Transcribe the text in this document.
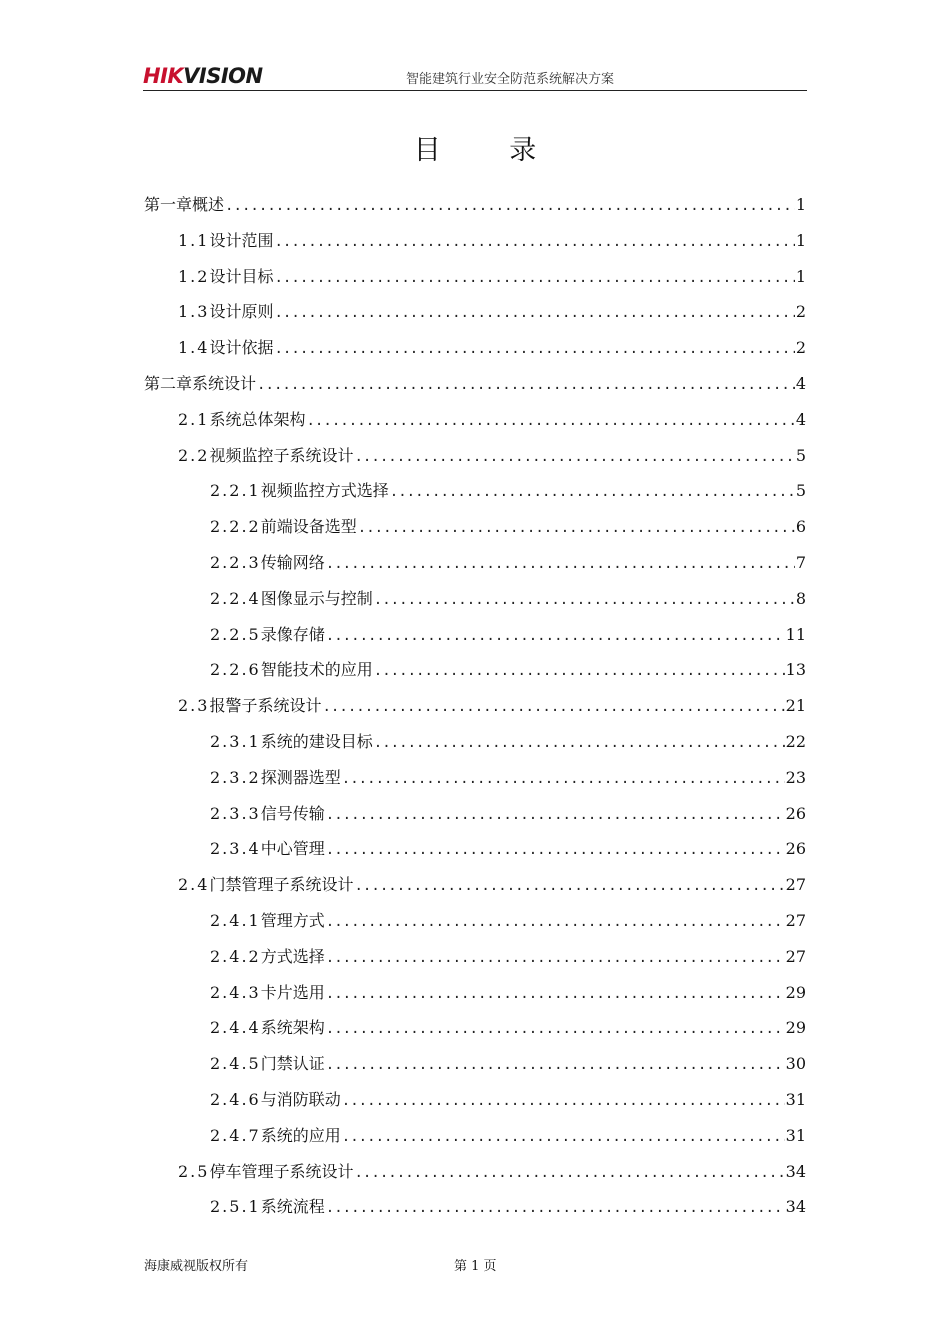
HIKVISION	智能建筑行业安全防范系统解决方案
目 录
第一章 概述 . . .	1
1.1 设计范围 . . .	1
1.2 设计目标 . . .	1
1.3 设计原则 . . .	2
1.4 设计依据 . . .	2
第二章 系统设计 . . .	4
2.1 系统总体架构 . . .	4
2.2 视频监控子系统设计 . . .	5
2.2.1 视频监控方式选择 . . .	5
2.2.2 前端设备选型 . . .	6
2.2.3 传输网络 . . .	7
2.2.4 图像显示与控制 . . .	8
2.2.5 录像存储 . . .	11
2.2.6 智能技术的应用 . . .	13
2.3 报警子系统设计 . . .	21
2.3.1 系统的建设目标 . . .	22
2.3.2 探测器选型 . . .	23
2.3.3 信号传输 . . .	26
2.3.4 中心管理 . . .	26
2.4 门禁管理子系统设计 . . .	27
2.4.1 管理方式 . . .	27
2.4.2 方式选择 . . .	27
2.4.3 卡片选用 . . .	29
2.4.4 系统架构 . . .	29
2.4.5 门禁认证 . . .	30
2.4.6 与消防联动 . . .	31
2.4.7 系统的应用 . . .	31
2.5 停车管理子系统设计 . . .	34
2.5.1 系统流程 . . .	34
海康威视版权所有	第 1 页
